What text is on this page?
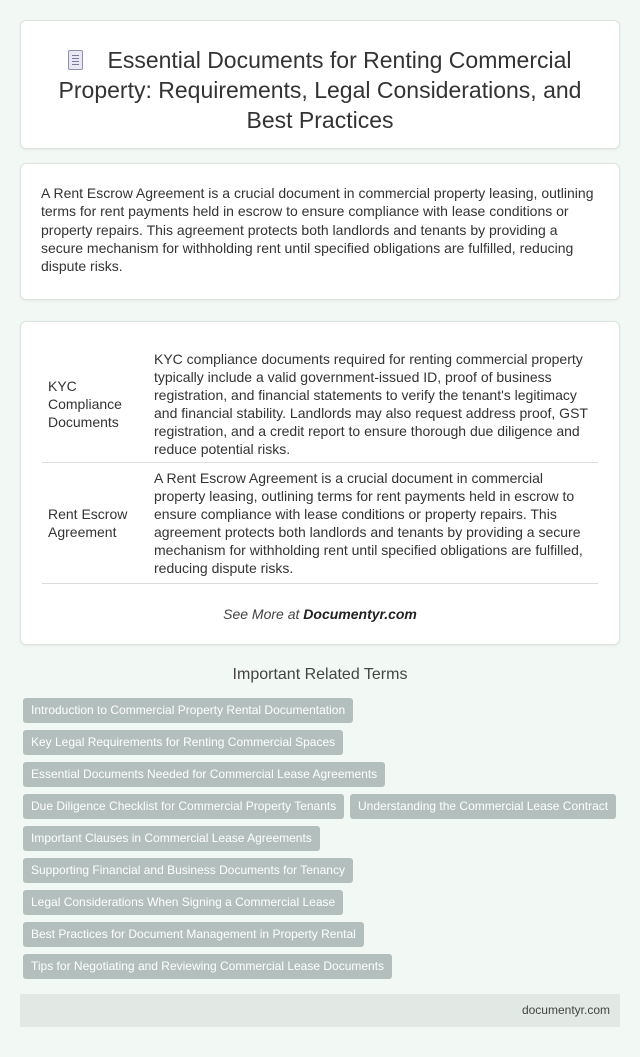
Essential Documents for Renting Commercial Property: Requirements, Legal Considerations, and Best Practices

A Rent Escrow Agreement is a crucial document in commercial property leasing, outlining terms for rent payments held in escrow to ensure compliance with lease conditions or property repairs. This agreement protects both landlords and tenants by providing a secure mechanism for withholding rent until specified obligations are fulfilled, reducing dispute risks.

KYC Compliance Documents
KYC compliance documents required for renting commercial property typically include a valid government-issued ID, proof of business registration, and financial statements to verify the tenant's legitimacy and financial stability. Landlords may also request address proof, GST registration, and a credit report to ensure thorough due diligence and reduce potential risks.
Rent Escrow Agreement
A Rent Escrow Agreement is a crucial document in commercial property leasing, outlining terms for rent payments held in escrow to ensure compliance with lease conditions or property repairs. This agreement protects both landlords and tenants by providing a secure mechanism for withholding rent until specified obligations are fulfilled, reducing dispute risks.
See More at Documentyr.com
Important Related Terms
Introduction to Commercial Property Rental Documentation
Key Legal Requirements for Renting Commercial Spaces
Essential Documents Needed for Commercial Lease Agreements
Due Diligence Checklist for Commercial Property Tenants	Understanding the Commercial Lease Contract
Important Clauses in Commercial Lease Agreements
Supporting Financial and Business Documents for Tenancy
Legal Considerations When Signing a Commercial Lease
Best Practices for Document Management in Property Rental
Tips for Negotiating and Reviewing Commercial Lease Documents
documentyr.com
